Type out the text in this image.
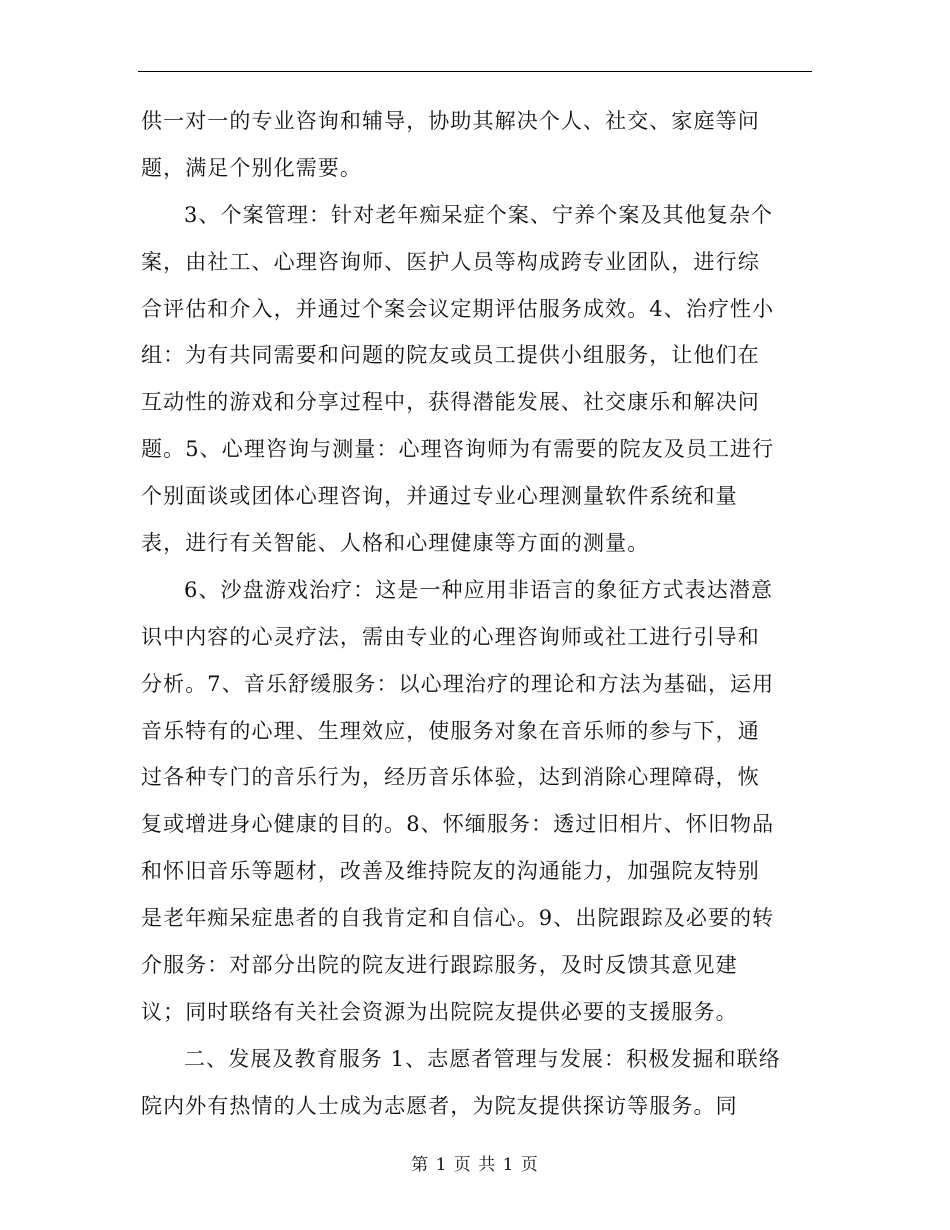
供一对一的专业咨询和辅导，协助其解决个人、社交、家庭等问
题，满足个别化需要。
3、个案管理：针对老年痴呆症个案、宁养个案及其他复杂个
案，由社工、心理咨询师、医护人员等构成跨专业团队，进行综
合评估和介入，并通过个案会议定期评估服务成效。4、治疗性小
组：为有共同需要和问题的院友或员工提供小组服务，让他们在
互动性的游戏和分享过程中，获得潜能发展、社交康乐和解决问
题。5、心理咨询与测量：心理咨询师为有需要的院友及员工进行
个别面谈或团体心理咨询，并通过专业心理测量软件系统和量
表，进行有关智能、人格和心理健康等方面的测量。
6、沙盘游戏治疗：这是一种应用非语言的象征方式表达潜意
识中内容的心灵疗法，需由专业的心理咨询师或社工进行引导和
分析。7、音乐舒缓服务：以心理治疗的理论和方法为基础，运用
音乐特有的心理、生理效应，使服务对象在音乐师的参与下，通
过各种专门的音乐行为，经历音乐体验，达到消除心理障碍，恢
复或增进身心健康的目的。8、怀缅服务：透过旧相片、怀旧物品
和怀旧音乐等题材，改善及维持院友的沟通能力，加强院友特别
是老年痴呆症患者的自我肯定和自信心。9、出院跟踪及必要的转
介服务：对部分出院的院友进行跟踪服务，及时反馈其意见建
议；同时联络有关社会资源为出院院友提供必要的支援服务。
二、发展及教育服务 1、志愿者管理与发展：积极发掘和联络
院内外有热情的人士成为志愿者，为院友提供探访等服务。同
第 1 页 共 1 页
